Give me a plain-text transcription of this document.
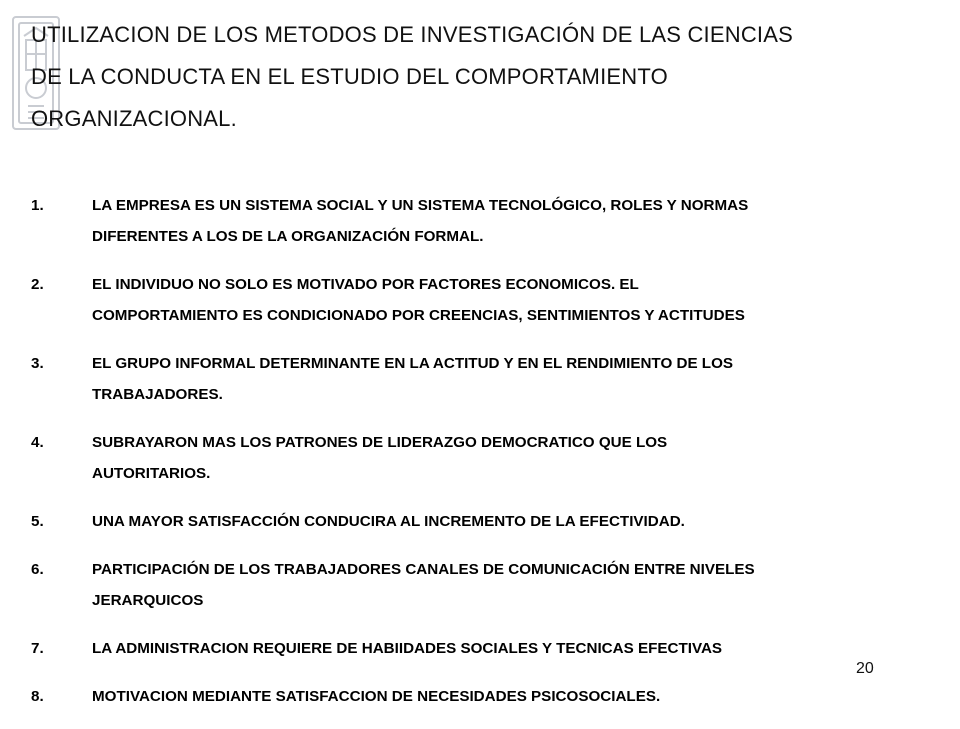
UTILIZACION DE LOS METODOS DE INVESTIGACIÓN DE LAS CIENCIAS
DE LA CONDUCTA EN EL ESTUDIO DEL COMPORTAMIENTO
ORGANIZACIONAL.
1.	LA EMPRESA ES UN SISTEMA SOCIAL Y UN SISTEMA TECNOLÓGICO, ROLES Y NORMAS
DIFERENTES A LOS DE LA ORGANIZACIÓN FORMAL.
2.	EL INDIVIDUO NO SOLO ES MOTIVADO POR FACTORES ECONOMICOS. EL
COMPORTAMIENTO ES CONDICIONADO POR CREENCIAS, SENTIMIENTOS Y ACTITUDES
3.	EL GRUPO INFORMAL DETERMINANTE EN LA ACTITUD Y EN EL RENDIMIENTO DE LOS
TRABAJADORES.
4.	SUBRAYARON MAS LOS PATRONES DE LIDERAZGO DEMOCRATICO QUE LOS
AUTORITARIOS.
5.	UNA MAYOR SATISFACCIÓN CONDUCIRA AL INCREMENTO DE LA EFECTIVIDAD.
6.	PARTICIPACIÓN DE LOS TRABAJADORES CANALES DE COMUNICACIÓN ENTRE NIVELES
JERARQUICOS
7.	LA ADMINISTRACION REQUIERE DE HABIIDADES SOCIALES Y TECNICAS EFECTIVAS
8.	MOTIVACION MEDIANTE SATISFACCION DE NECESIDADES PSICOSOCIALES.
20
